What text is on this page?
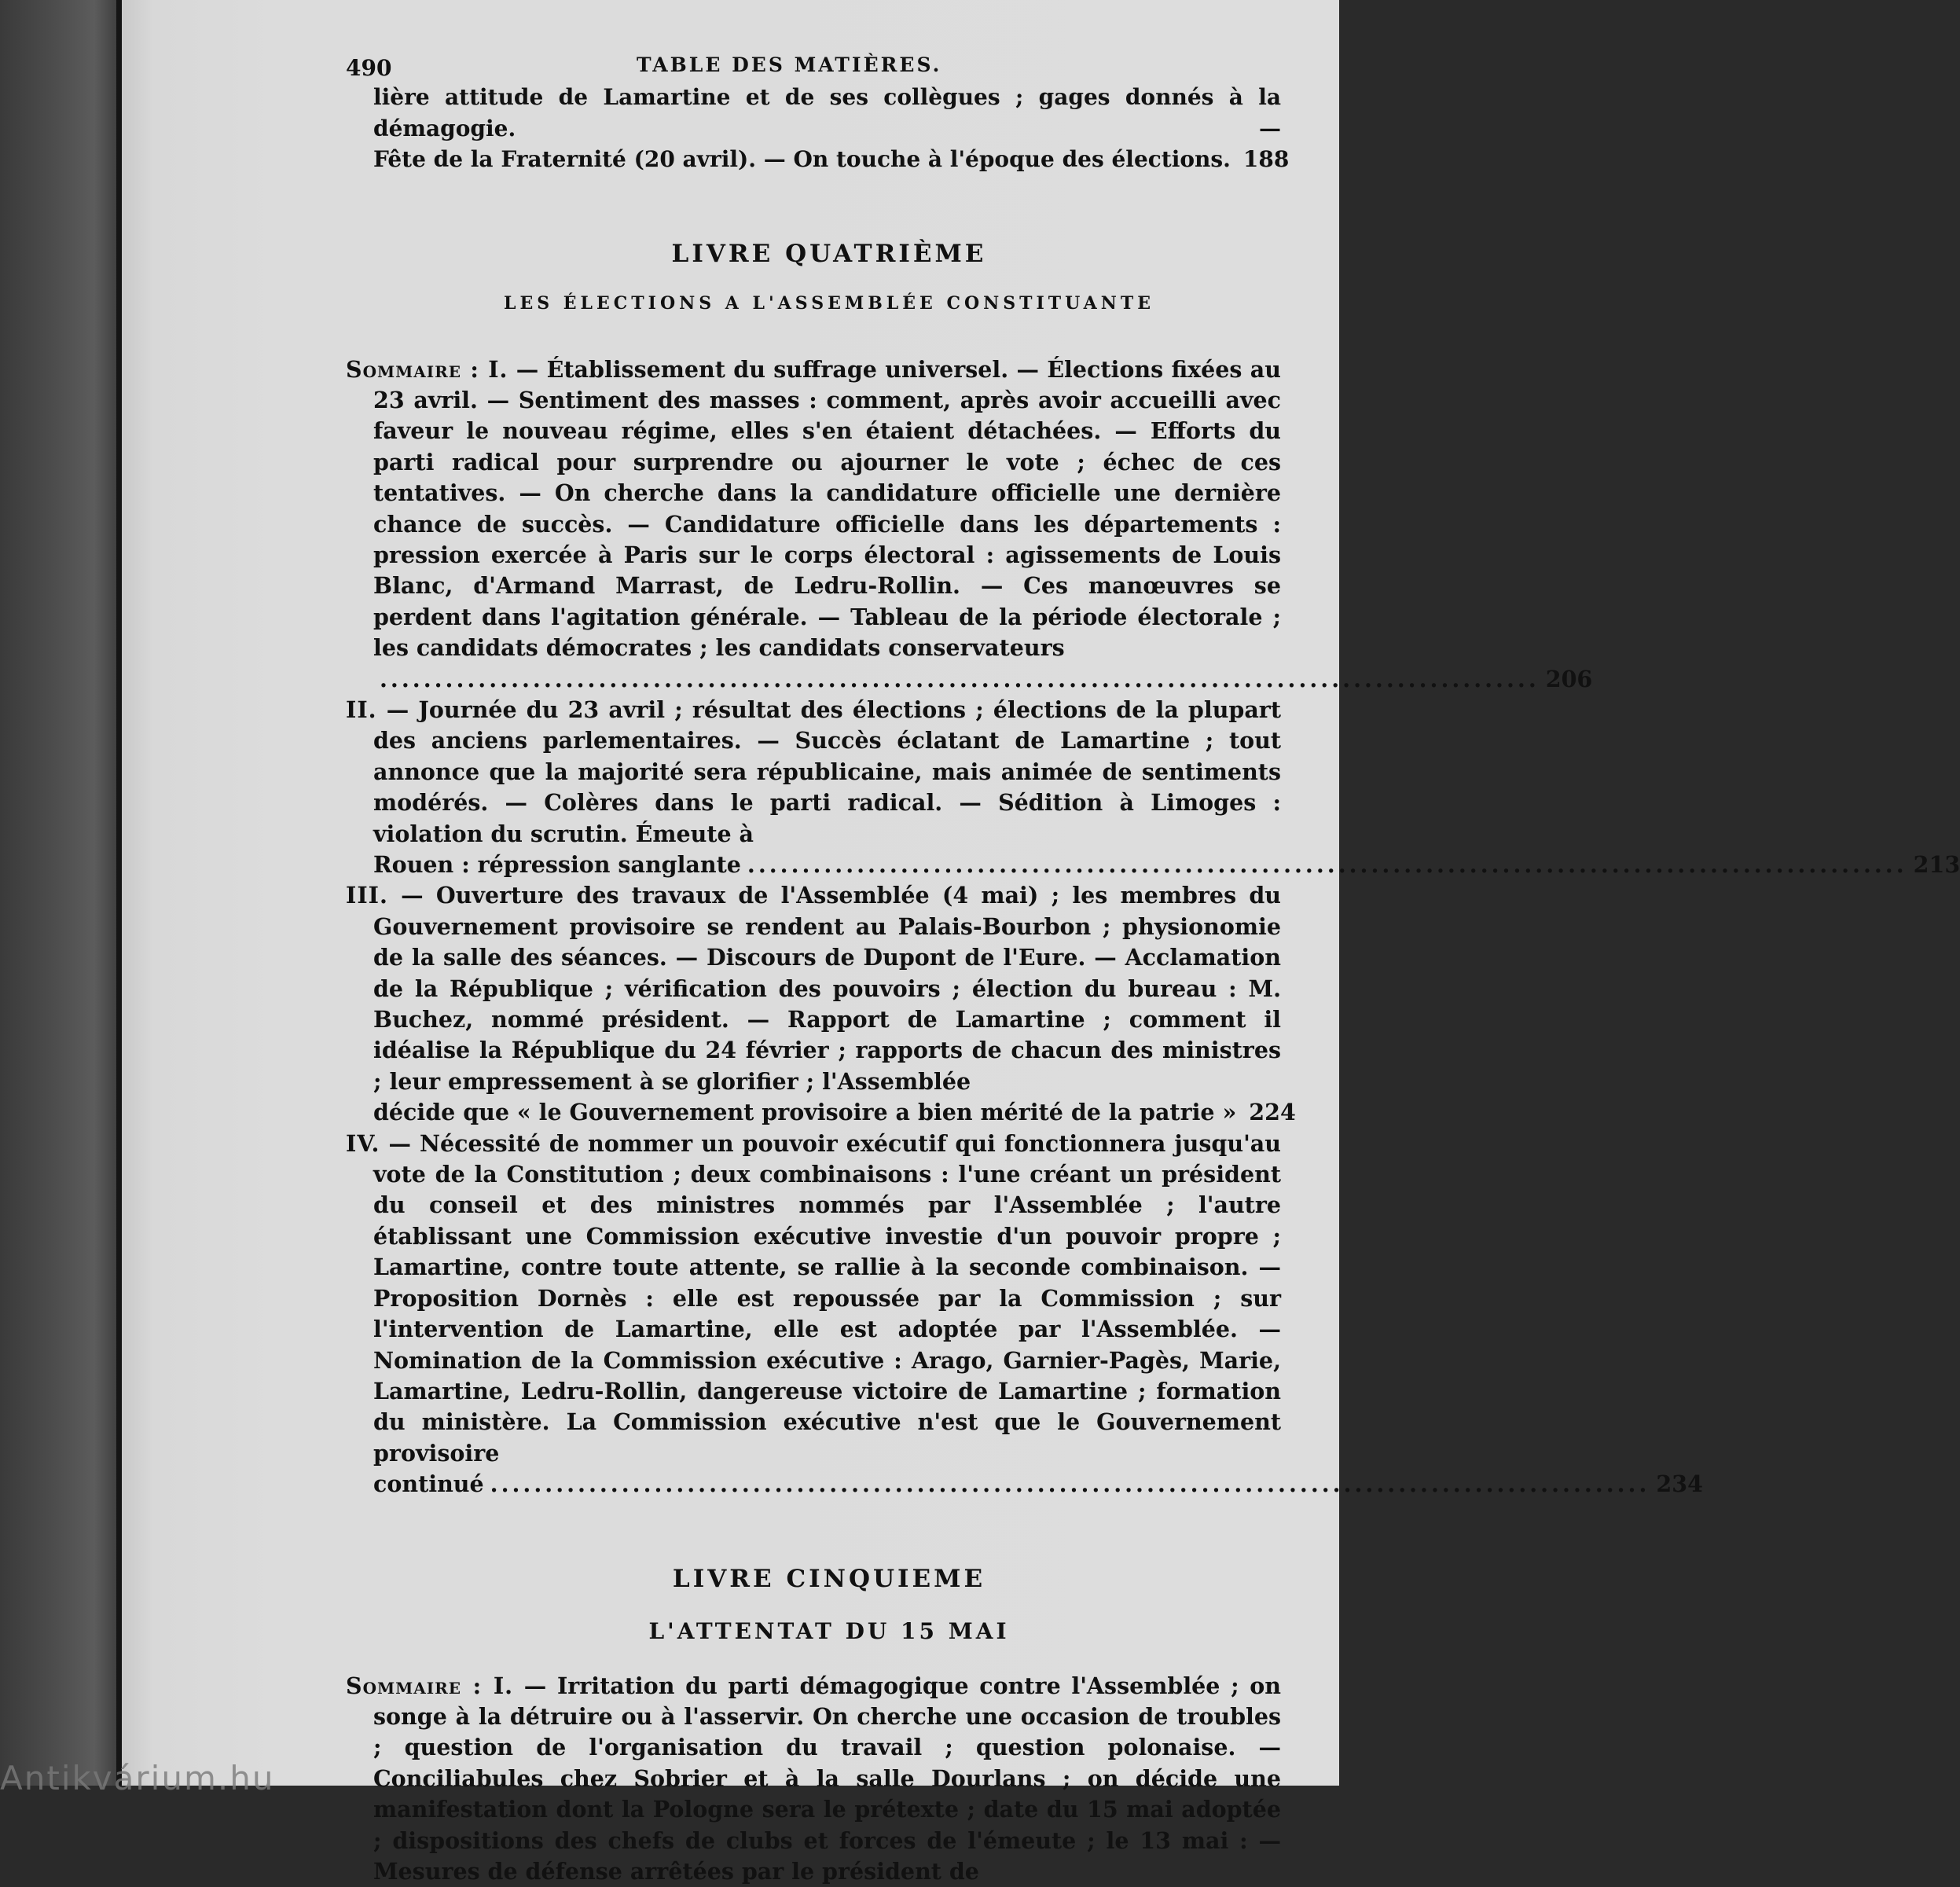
490	TABLE DES MATIÈRES.
lière attitude de Lamartine et de ses collègues ; gages donnés à la démagogie. —
Fête de la Fraternité (20 avril). — On touche à l'époque des élections. 188
LIVRE QUATRIÈME
LES ÉLECTIONS A L'ASSEMBLÉE CONSTITUANTE
Sommaire : I. — Établissement du suffrage universel. — Élections fixées au 23 avril. — Sentiment des masses : comment, après avoir accueilli avec faveur le nouveau régime, elles s'en étaient détachées. — Efforts du parti radical pour surprendre ou ajourner le vote ; échec de ces tentatives. — On cherche dans la candidature officielle une dernière chance de succès. — Candidature officielle dans les départements : pression exercée à Paris sur le corps électoral : agissements de Louis Blanc, d'Armand Marrast, de Ledru-Rollin. — Ces manœuvres se perdent dans l'agitation générale. — Tableau de la période électorale ; les candidats démocrates ; les candidats conservateurs
.......................................................................................................... 206
II. — Journée du 23 avril ; résultat des élections ; élections de la plupart des anciens parlementaires. — Succès éclatant de Lamartine ; tout annonce que la majorité sera républicaine, mais animée de sentiments modérés. — Colères dans le parti radical. — Sédition à Limoges : violation du scrutin. Émeute à
Rouen : répression sanglante .......................................................................................................... 213
III. — Ouverture des travaux de l'Assemblée (4 mai) ; les membres du Gouvernement provisoire se rendent au Palais-Bourbon ; physionomie de la salle des séances. — Discours de Dupont de l'Eure. — Acclamation de la République ; vérification des pouvoirs ; élection du bureau : M. Buchez, nommé président. — Rapport de Lamartine ; comment il idéalise la République du 24 février ; rapports de chacun des ministres ; leur empressement à se glorifier ; l'Assemblée
décide que « le Gouvernement provisoire a bien mérité de la patrie » 224
IV. — Nécessité de nommer un pouvoir exécutif qui fonctionnera jusqu'au vote de la Constitution ; deux combinaisons : l'une créant un président du conseil et des ministres nommés par l'Assemblée ; l'autre établissant une Commission exécutive investie d'un pouvoir propre ; Lamartine, contre toute attente, se rallie à la seconde combinaison. — Proposition Dornès : elle est repoussée par la Commission ; sur l'intervention de Lamartine, elle est adoptée par l'Assemblée. — Nomination de la Commission exécutive : Arago, Garnier-Pagès, Marie, Lamartine, Ledru-Rollin, dangereuse victoire de Lamartine ; formation du ministère. La Commission exécutive n'est que le Gouvernement provisoire
continué .......................................................................................................... 234
LIVRE CINQUIEME
L'ATTENTAT DU 15 MAI
Sommaire : I. — Irritation du parti démagogique contre l'Assemblée ; on songe à la détruire ou à l'asservir. On cherche une occasion de troubles ; question de l'organisation du travail ; question polonaise. — Conciliabules chez Sobrier et à la salle Dourlans ; on décide une manifestation dont la Pologne sera le prétexte ; date du 15 mai adoptée ; dispositions des chefs de clubs et forces de l'émeute ; le 13 mai : — Mesures de défense arrêtées par le président de
Antikvárium.hu
